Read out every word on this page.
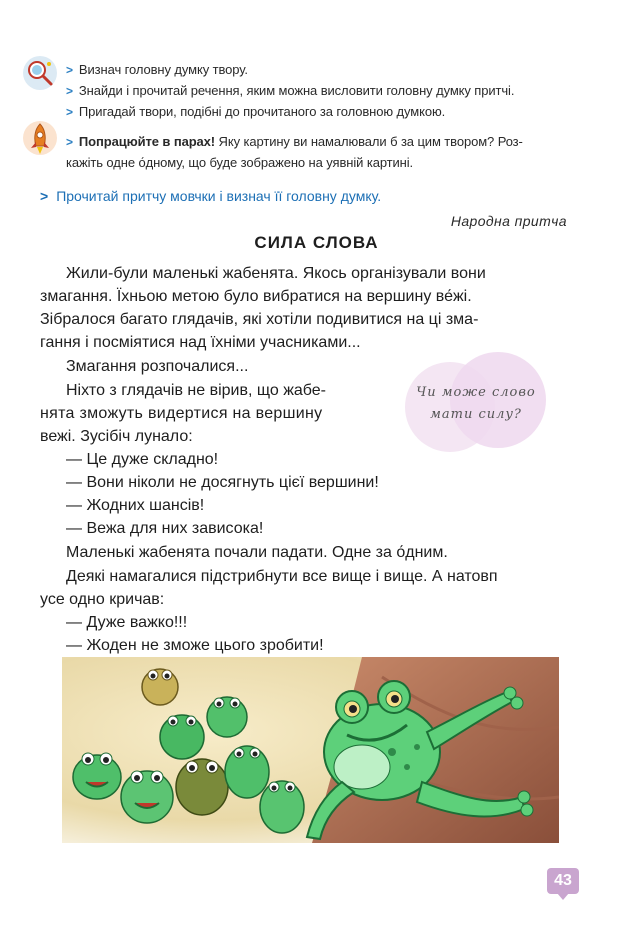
> Визнач головну думку твору.
> Знайди і прочитай речення, яким можна висловити головну думку притчі.
> Пригадай твори, подібні до прочитаного за головною думкою.
> Попрацюйте в парах! Яку картину ви намалювали б за цим твором? Роз-
кажіть одне о́дному, що буде зображено на уявній картині.
> Прочитай притчу мовчки і визнач її головну думку.
Народна притча
СИЛА СЛОВА
Жили-були маленькі жабенята. Якось організували вони
змагання. Їхньою метою було вибратися на вершину ве́жі.
Зібралося багато глядачів, які хотіли подивитися на ці зма-
гання і посміятися над їхніми учасниками...
Змагання розпочалися...
Ніхто з глядачів не вірив, що жабе-
нята зможуть видертися на вершину
вежі. Зусібіч лунало:
— Це дуже складно!
— Вони ніколи не досягнуть цієї вершини!
— Жодних шансів!
— Вежа для них зависока!
Маленькі жабенята почали падати. Одне за о́дним.
Деякі намагалися підстрибнути все вище і вище. А натовп
усе одно кричав:
— Дуже важко!!!
— Жоден не зможе цього зробити!
Чи може слово
мати силу?
43
